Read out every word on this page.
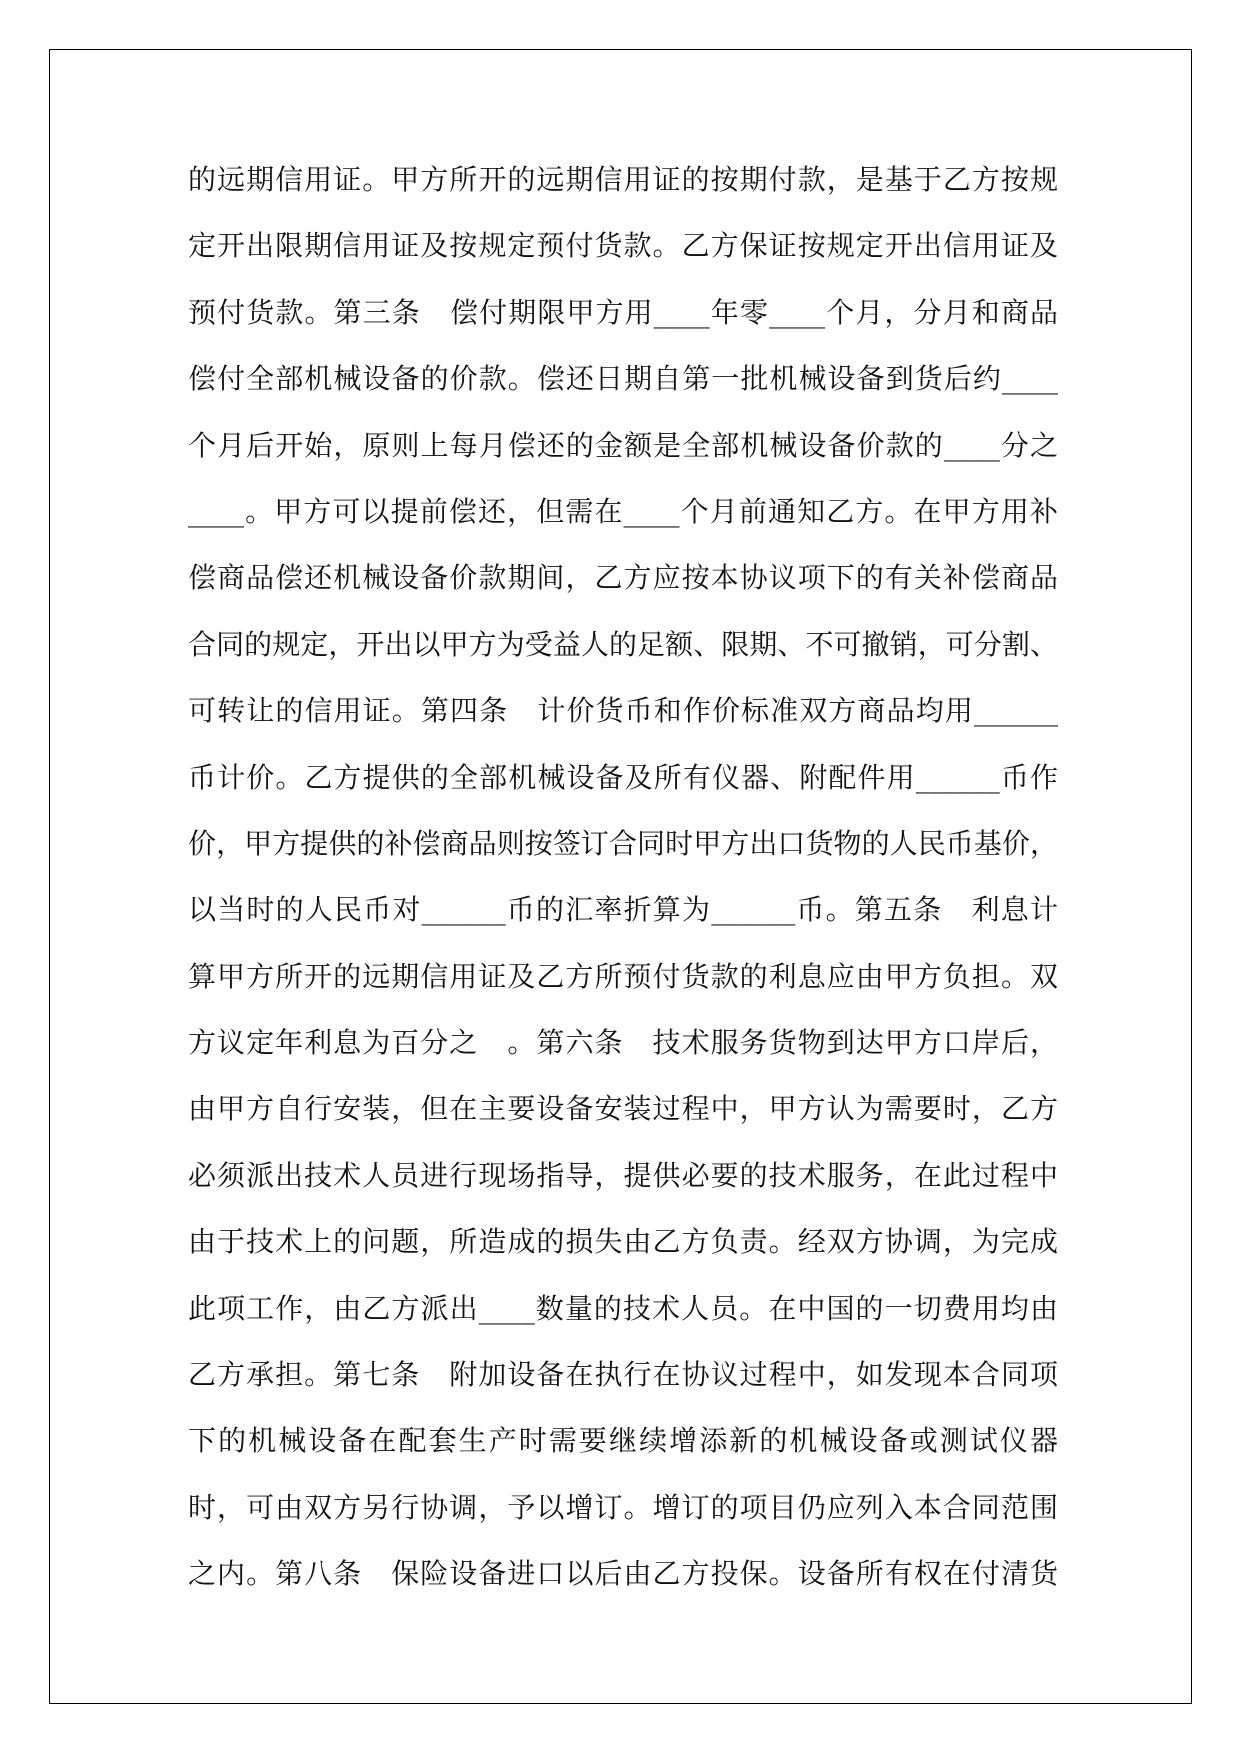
的远期信用证。甲方所开的远期信用证的按期付款，是基于乙方按规
定开出限期信用证及按规定预付货款。乙方保证按规定开出信用证及
预付货款。第三条　偿付期限甲方用____年零____个月，分月和商品
偿付全部机械设备的价款。偿还日期自第一批机械设备到货后约____
个月后开始，原则上每月偿还的金额是全部机械设备价款的____分之
____。甲方可以提前偿还，但需在____个月前通知乙方。在甲方用补
偿商品偿还机械设备价款期间，乙方应按本协议项下的有关补偿商品
合同的规定，开出以甲方为受益人的足额、限期、不可撤销，可分割、
可转让的信用证。第四条　计价货币和作价标准双方商品均用______
币计价。乙方提供的全部机械设备及所有仪器、附配件用______币作
价，甲方提供的补偿商品则按签订合同时甲方出口货物的人民币基价，
以当时的人民币对______币的汇率折算为______币。第五条　利息计
算甲方所开的远期信用证及乙方所预付货款的利息应由甲方负担。双
方议定年利息为百分之　。第六条　技术服务货物到达甲方口岸后，
由甲方自行安装，但在主要设备安装过程中，甲方认为需要时，乙方
必须派出技术人员进行现场指导，提供必要的技术服务，在此过程中
由于技术上的问题，所造成的损失由乙方负责。经双方协调，为完成
此项工作，由乙方派出____数量的技术人员。在中国的一切费用均由
乙方承担。第七条　附加设备在执行在协议过程中，如发现本合同项
下的机械设备在配套生产时需要继续增添新的机械设备或测试仪器
时，可由双方另行协调，予以增订。增订的项目仍应列入本合同范围
之内。第八条　保险设备进口以后由乙方投保。设备所有权在付清货
